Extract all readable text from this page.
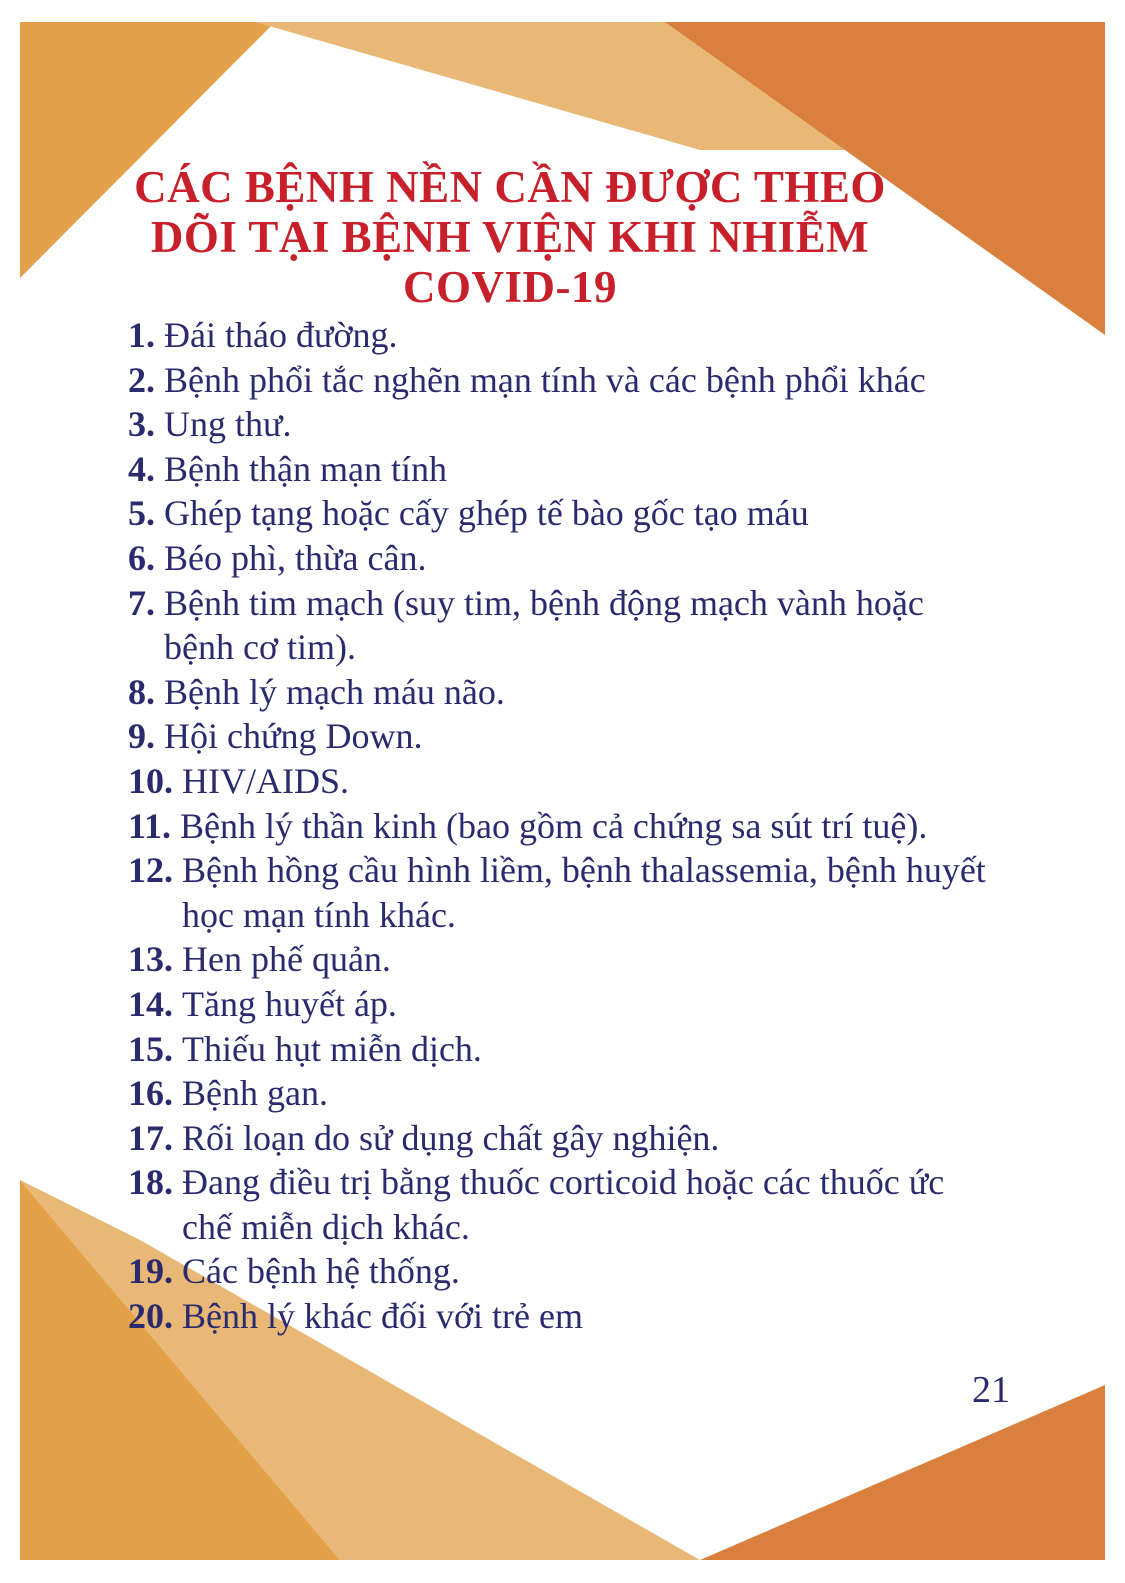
CÁC BỆNH NỀN CẦN ĐƯỢC THEO
DÕI TẠI BỆNH VIỆN KHI NHIỄM
COVID-19
1. Đái tháo đường.
2. Bệnh phổi tắc nghẽn mạn tính và các bệnh phổi khác
3. Ung thư.
4. Bệnh thận mạn tính
5. Ghép tạng hoặc cấy ghép tế bào gốc tạo máu
6. Béo phì, thừa cân.
7. Bệnh tim mạch (suy tim, bệnh động mạch vành hoặc bệnh cơ tim).
8. Bệnh lý mạch máu não.
9. Hội chứng Down.
10. HIV/AIDS.
11. Bệnh lý thần kinh (bao gồm cả chứng sa sút trí tuệ).
12. Bệnh hồng cầu hình liềm, bệnh thalassemia, bệnh huyết học mạn tính khác.
13. Hen phế quản.
14. Tăng huyết áp.
15. Thiếu hụt miễn dịch.
16. Bệnh gan.
17. Rối loạn do sử dụng chất gây nghiện.
18. Đang điều trị bằng thuốc corticoid hoặc các thuốc ức chế miễn dịch khác.
19. Các bệnh hệ thống.
20. Bệnh lý khác đối với trẻ em
21
